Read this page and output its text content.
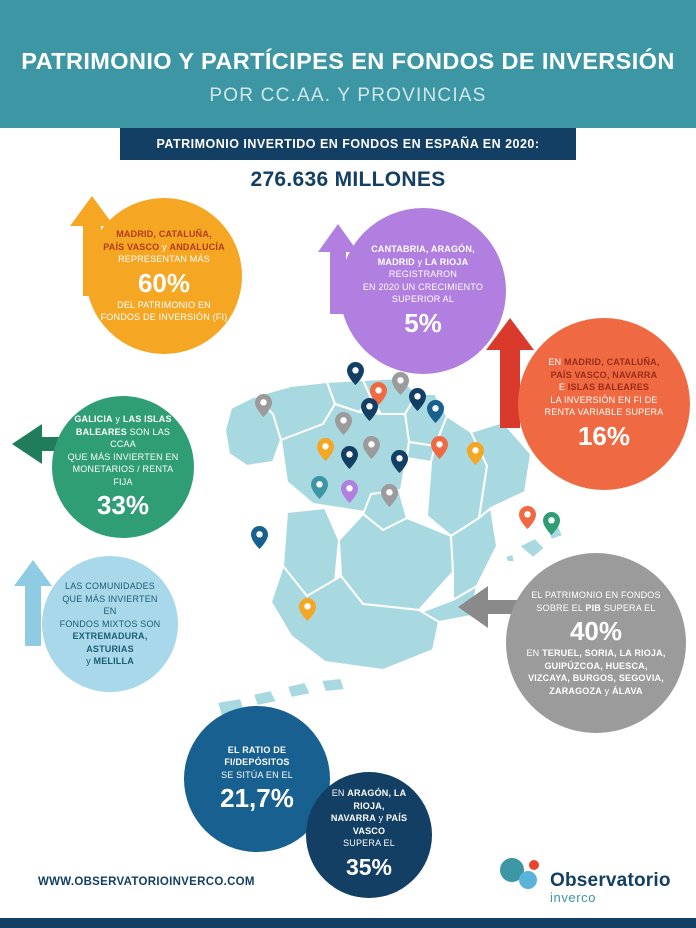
PATRIMONIO Y PARTÍCIPES EN FONDOS DE INVERSIÓN
POR CC.AA. Y PROVINCIAS
PATRIMONIO INVERTIDO EN FONDOS EN ESPAÑA EN 2020:
276.636 MILLONES
MADRID, CATALUÑA,
PAÍS VASCO y ANDALUCÍA
REPRESENTAN MÁS
60%
DEL PATRIMONIO EN
FONDOS DE INVERSIÓN (FI)
CANTABRIA, ARAGÓN,
MADRID y LA RIOJA
REGISTRARON
EN 2020 UN CRECIMIENTO
SUPERIOR AL
5%
EN MADRID, CATALUÑA,
PAÍS VASCO, NAVARRA
E ISLAS BALEARES
LA INVERSIÓN EN FI DE
RENTA VARIABLE SUPERA
16%
GALICIA y LAS ISLAS
BALEARES SON LAS CCAA
QUE MÁS INVIERTEN EN
MONETARIOS / RENTA FIJA
33%
LAS COMUNIDADES
QUE MÁS INVIERTEN EN
FONDOS MIXTOS SON
EXTREMADURA, ASTURIAS
y MELILLA
EL PATRIMONIO EN FONDOS
SOBRE EL PIB SUPERA EL
40%
EN TERUEL, SORIA, LA RIOJA,
GUIPÚZCOA, HUESCA,
VIZCAYA, BURGOS, SEGOVIA,
ZARAGOZA y ÁLAVA
EL RATIO DE
FI/DEPÓSITOS
SE SITÚA EN EL
21,7%	EN ARAGÓN, LA RIOJA,
NAVARRA y PAÍS VASCO
SUPERA EL
35%
WWW.OBSERVATORIOINVERCO.COM	Observatorio
inverco
